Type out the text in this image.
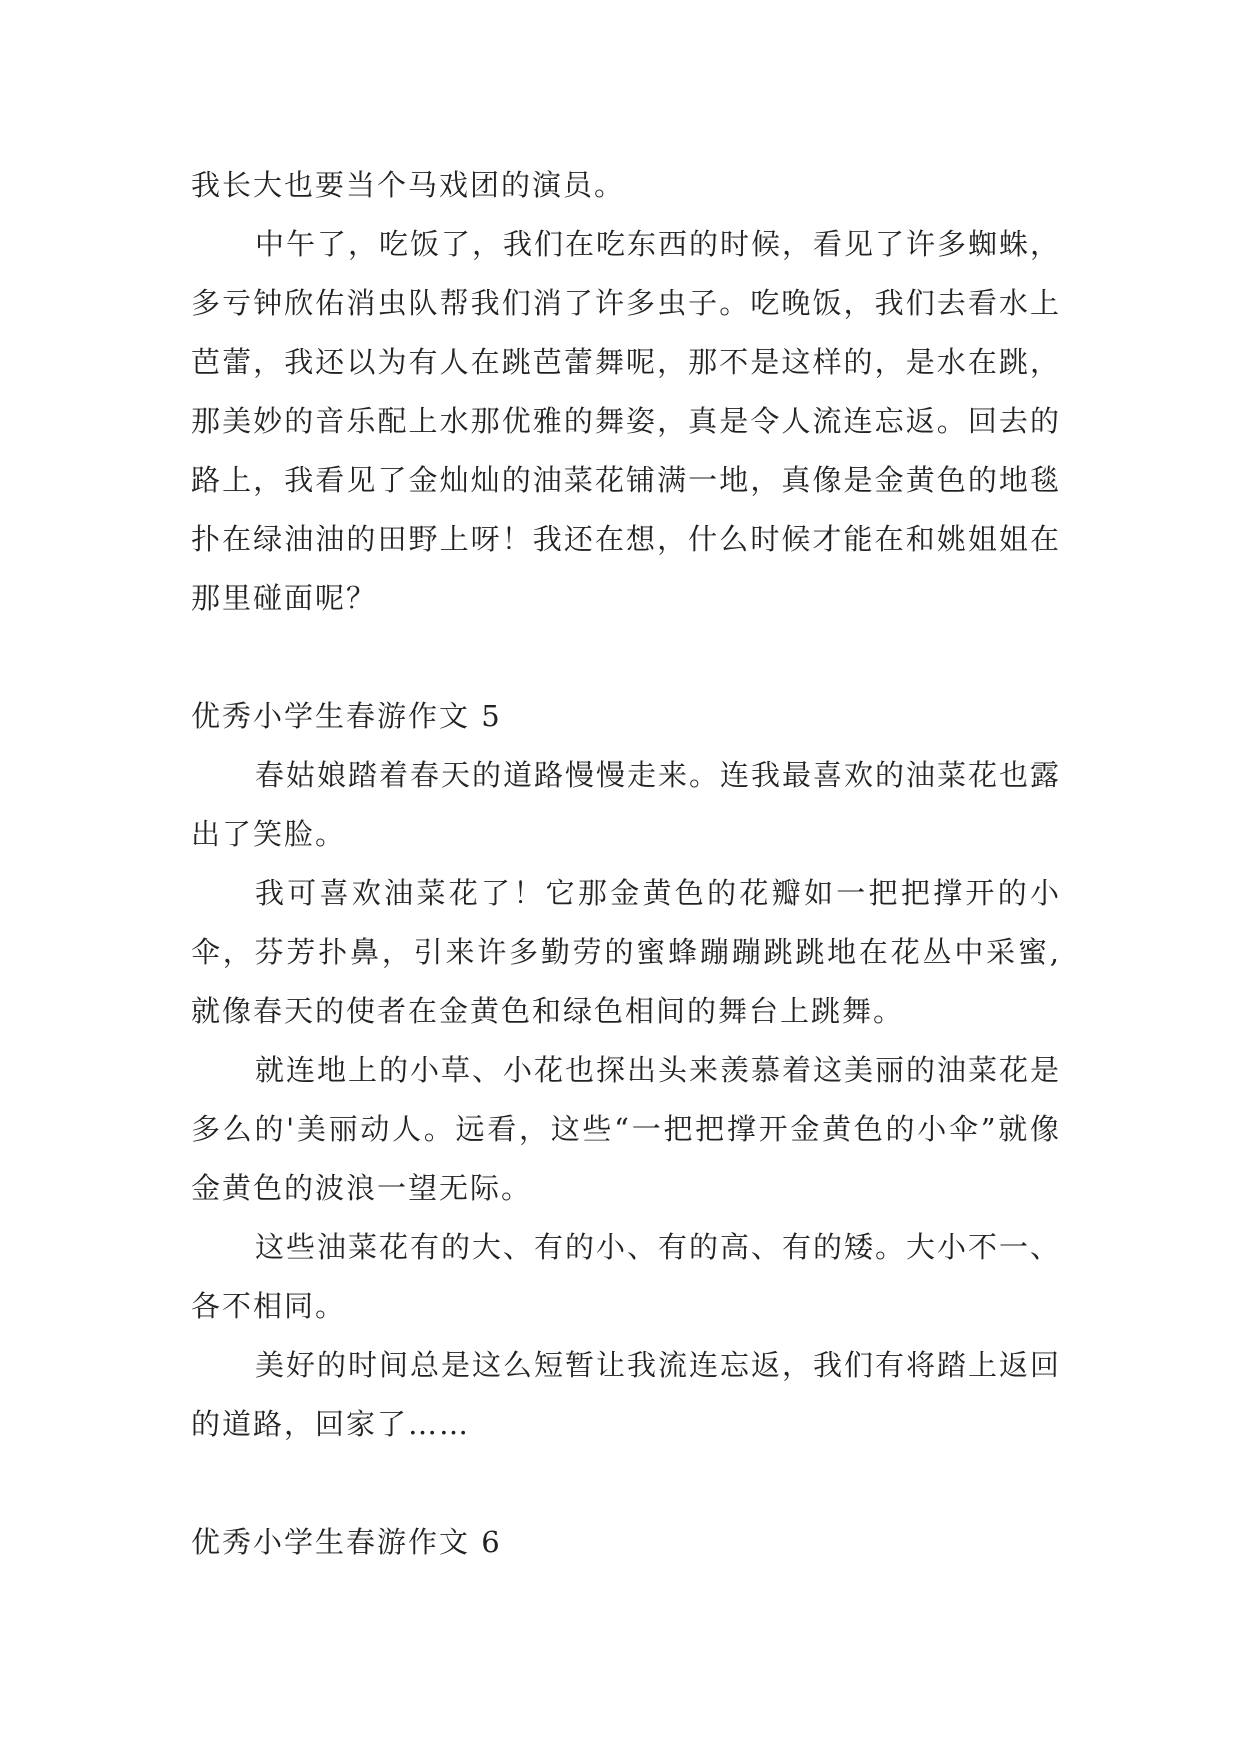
我长大也要当个马戏团的演员。

中午了，吃饭了，我们在吃东西的时候，看见了许多蜘蛛，多亏钟欣佑消虫队帮我们消了许多虫子。吃晚饭，我们去看水上芭蕾，我还以为有人在跳芭蕾舞呢，那不是这样的，是水在跳，那美妙的音乐配上水那优雅的舞姿，真是令人流连忘返。回去的路上，我看见了金灿灿的油菜花铺满一地，真像是金黄色的地毯扑在绿油油的田野上呀！我还在想，什么时候才能在和姚姐姐在那里碰面呢？

优秀小学生春游作文 5

春姑娘踏着春天的道路慢慢走来。连我最喜欢的油菜花也露出了笑脸。

我可喜欢油菜花了！它那金黄色的花瓣如一把把撑开的小伞，芬芳扑鼻，引来许多勤劳的蜜蜂蹦蹦跳跳地在花丛中采蜜,就像春天的使者在金黄色和绿色相间的舞台上跳舞。

就连地上的小草、小花也探出头来羡慕着这美丽的油菜花是多么的'美丽动人。远看，这些“一把把撑开金黄色的小伞”就像金黄色的波浪一望无际。

这些油菜花有的大、有的小、有的高、有的矮。大小不一、各不相同。

美好的时间总是这么短暂让我流连忘返，我们有将踏上返回的道路，回家了……

优秀小学生春游作文 6
